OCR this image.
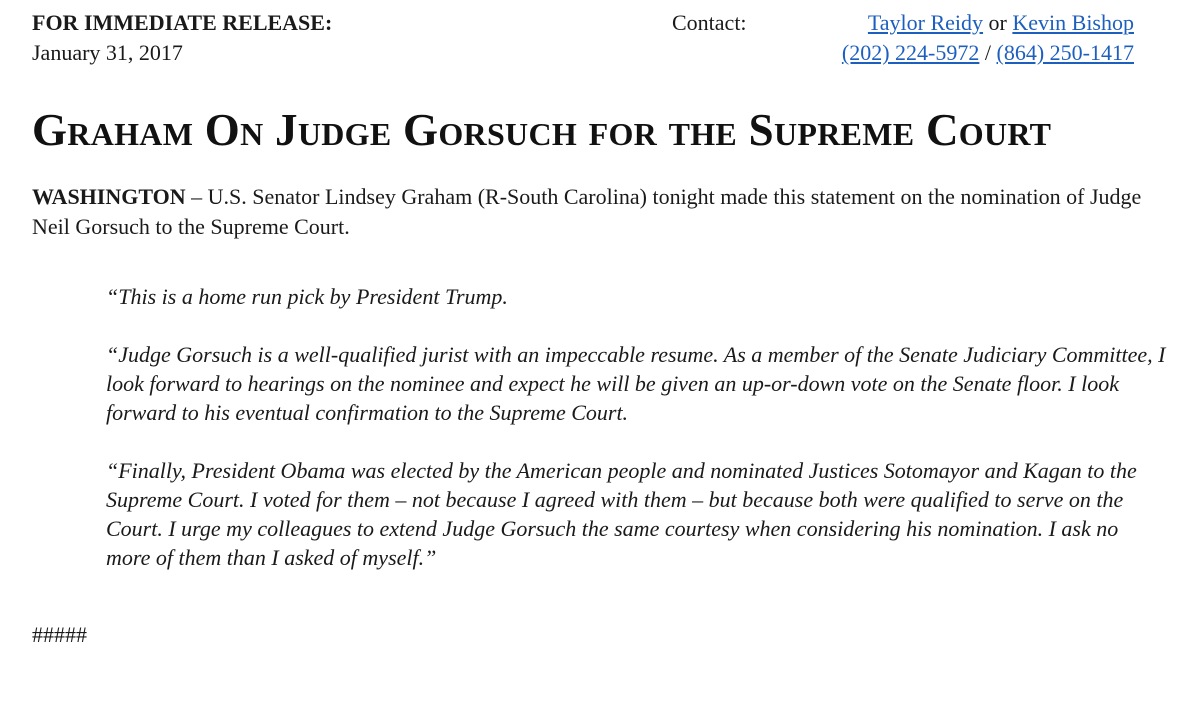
FOR IMMEDIATE RELEASE:
January 31, 2017
Contact:	Taylor Reidy or Kevin Bishop
(202) 224-5972 / (864) 250-1417
Graham On Judge Gorsuch for the Supreme Court

WASHINGTON – U.S. Senator Lindsey Graham (R-South Carolina) tonight made this statement on the nomination of Judge Neil Gorsuch to the Supreme Court.

“This is a home run pick by President Trump.

“Judge Gorsuch is a well-qualified jurist with an impeccable resume. As a member of the Senate Judiciary Committee, I look forward to hearings on the nominee and expect he will be given an up-or-down vote on the Senate floor. I look forward to his eventual confirmation to the Supreme Court.

“Finally, President Obama was elected by the American people and nominated Justices Sotomayor and Kagan to the Supreme Court. I voted for them – not because I agreed with them – but because both were qualified to serve on the Court. I urge my colleagues to extend Judge Gorsuch the same courtesy when considering his nomination. I ask no more of them than I asked of myself.”

#####
